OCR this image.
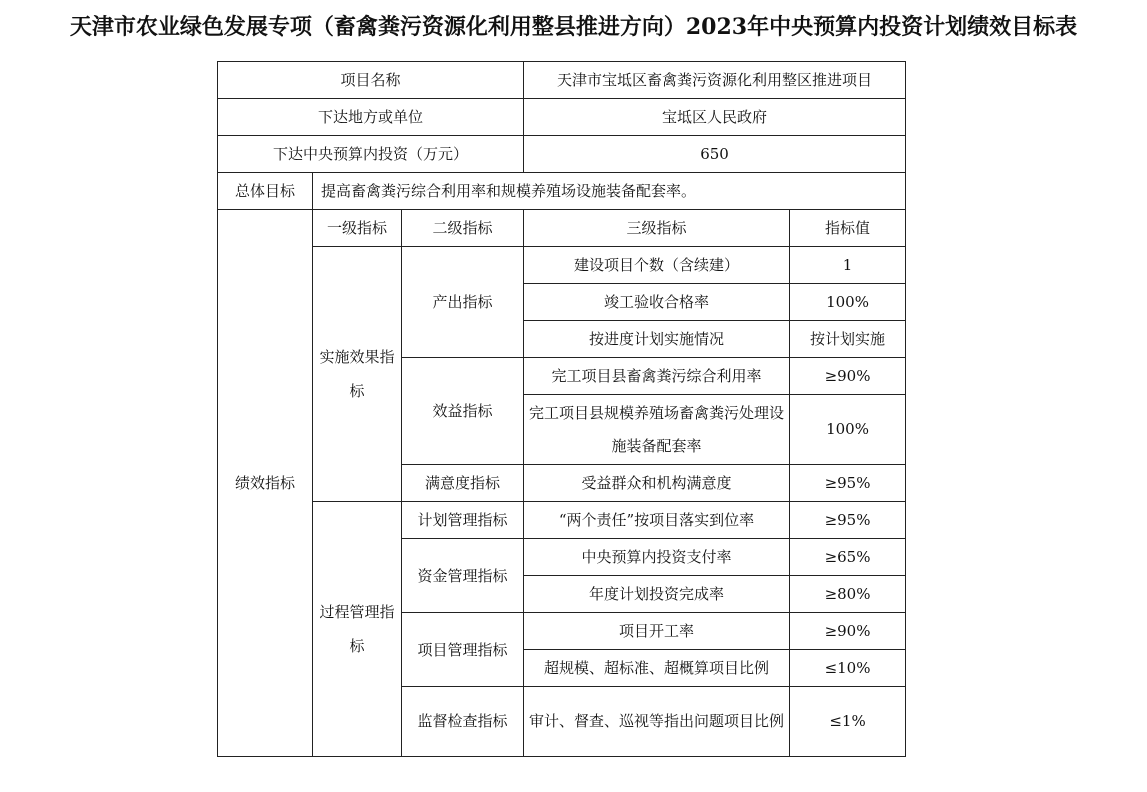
天津市农业绿色发展专项（畜禽粪污资源化利用整县推进方向）2023年中央预算内投资计划绩效目标表
项目名称			天津市宝坻区畜禽粪污资源化利用整区推进项目	
下达地方或单位			宝坻区人民政府	
下达中央预算内投资（万元）			650	
总体目标	提高畜禽粪污综合利用率和规模养殖场设施装备配套率。			
绩效指标	一级指标	二级指标	三级指标	指标值
	实施效果指标	产出指标	建设项目个数（含续建）	1
			竣工验收合格率	100%
			按进度计划实施情况	按计划实施
		效益指标	完工项目县畜禽粪污综合利用率	≥90%
			完工项目县规模养殖场畜禽粪污处理设施装备配套率	100%
		满意度指标	受益群众和机构满意度	≥95%
	过程管理指标	计划管理指标	“两个责任”按项目落实到位率	≥95%
		资金管理指标	中央预算内投资支付率	≥65%
			年度计划投资完成率	≥80%
		项目管理指标	项目开工率	≥90%
			超规模、超标准、超概算项目比例	≤10%
		监督检查指标	审计、督查、巡视等指出问题项目比例	≤1%
